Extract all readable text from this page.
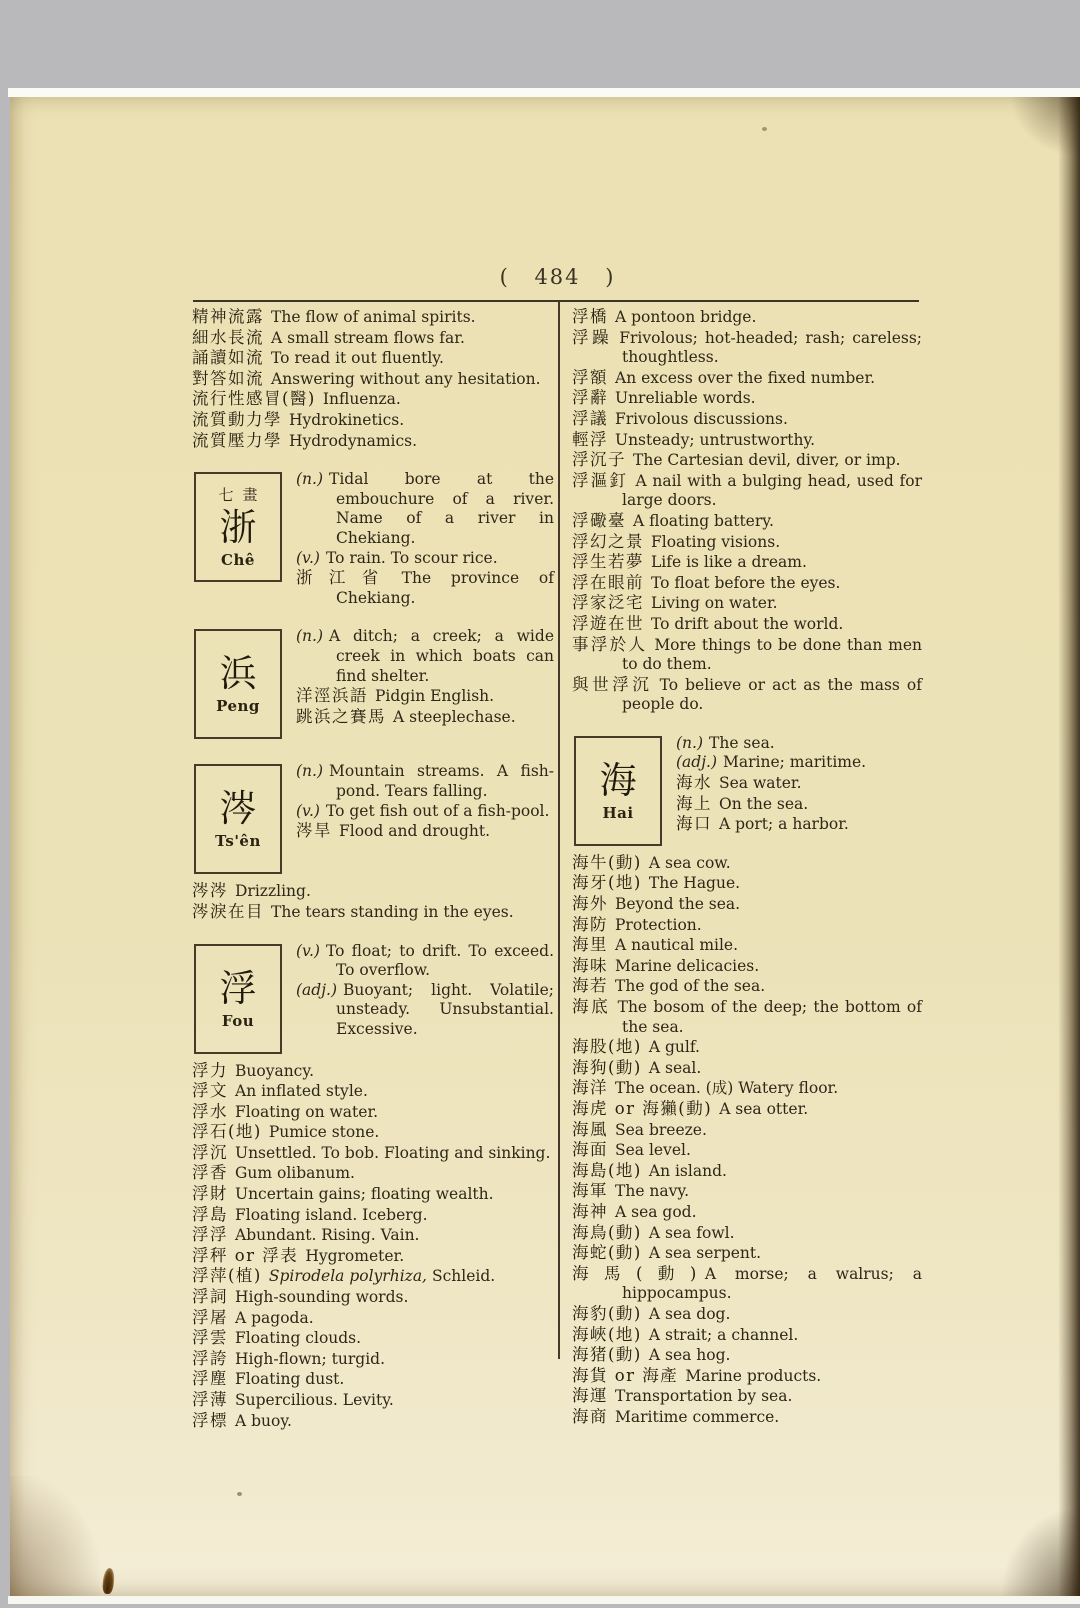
( 484 )
精神流露 The flow of animal spirits.
細水長流 A small stream flows far.
誦讀如流 To read it out fluently.
對答如流 Answering without any hesitation.
流行性感冒(醫) Influenza.
流質動力學 Hydrokinetics.
流質壓力學 Hydrodynamics.
七畫
浙
Chê
(n.) Tidal bore at the embouchure of a river. Name of a river in Chekiang.
(v.) To rain. To scour rice.
浙江省 The province of Chekiang.
浜
Peng
(n.) A ditch; a creek; a wide creek in which boats can find shelter.
洋涇浜語 Pidgin English.
跳浜之賽馬 A steeplechase.
涔
Ts'ên
(n.) Mountain streams. A fish-pond. Tears falling.
(v.) To get fish out of a fish-pool.
涔旱 Flood and drought.
涔涔 Drizzling.
涔淚在目 The tears standing in the eyes.
浮
Fou
(v.) To float; to drift. To exceed. To overflow.
(adj.) Buoyant; light. Volatile; unsteady. Unsubstantial. Excessive.
浮力 Buoyancy.
浮文 An inflated style.
浮水 Floating on water.
浮石(地) Pumice stone.
浮沉 Unsettled. To bob. Floating and sinking.
浮香 Gum olibanum.
浮財 Uncertain gains; floating wealth.
浮島 Floating island. Iceberg.
浮浮 Abundant. Rising. Vain.
浮秤 or 浮表 Hygrometer.
浮萍(植) Spirodela polyrhiza, Schleid.
浮詞 High-sounding words.
浮屠 A pagoda.
浮雲 Floating clouds.
浮誇 High-flown; turgid.
浮塵 Floating dust.
浮薄 Supercilious. Levity.
浮標 A buoy.
浮橋 A pontoon bridge.
浮躁 Frivolous; hot-headed; rash; careless; thoughtless.
浮額 An excess over the fixed number.
浮辭 Unreliable words.
浮議 Frivolous discussions.
輕浮 Unsteady; untrustworthy.
浮沉子 The Cartesian devil, diver, or imp.
浮漚釘 A nail with a bulging head, used for large doors.
浮礮臺 A floating battery.
浮幻之景 Floating visions.
浮生若夢 Life is like a dream.
浮在眼前 To float before the eyes.
浮家泛宅 Living on water.
浮遊在世 To drift about the world.
事浮於人 More things to be done than men to do them.
與世浮沉 To believe or act as the mass of people do.
海
Hai
(n.) The sea.
(adj.) Marine; maritime.
海水 Sea water.
海上 On the sea.
海口 A port; a harbor.
海牛(動) A sea cow.
海牙(地) The Hague.
海外 Beyond the sea.
海防 Protection.
海里 A nautical mile.
海味 Marine delicacies.
海若 The god of the sea.
海底 The bosom of the deep; the bottom of the sea.
海股(地) A gulf.
海狗(動) A seal.
海洋 The ocean. (成) Watery floor.
海虎 or 海獺(動) A sea otter.
海風 Sea breeze.
海面 Sea level.
海島(地) An island.
海軍 The navy.
海神 A sea god.
海鳥(動) A sea fowl.
海蛇(動) A sea serpent.
海馬(動) A morse; a walrus; a hippocampus.
海豹(動) A sea dog.
海峽(地) A strait; a channel.
海猪(動) A sea hog.
海貨 or 海產 Marine products.
海運 Transportation by sea.
海商 Maritime commerce.
